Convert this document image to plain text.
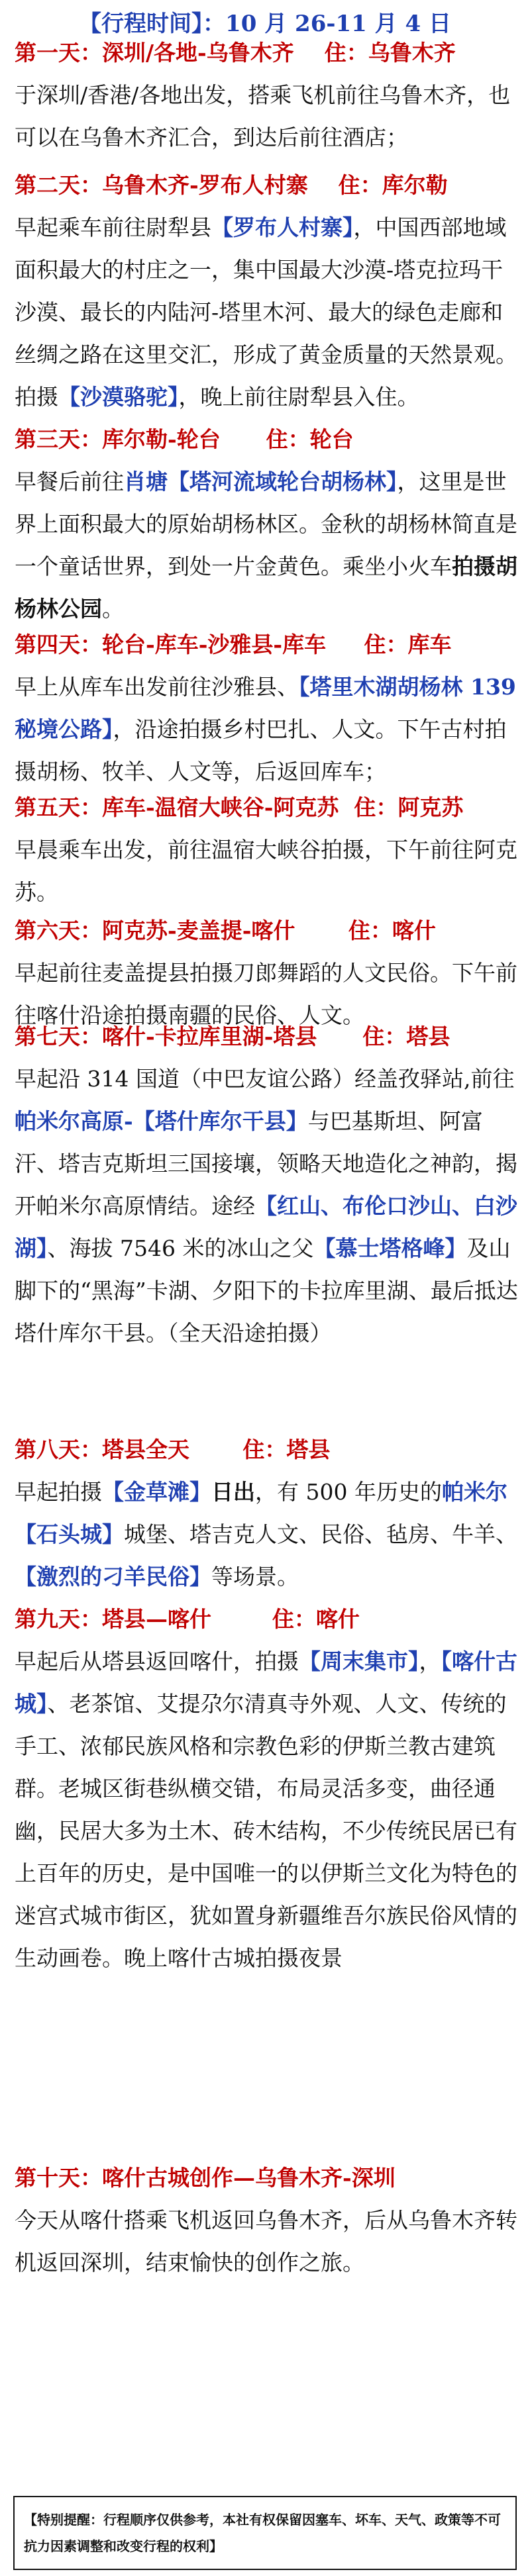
【行程时间】：10 月 26-11 月 4 日
第一天：深圳/各地-乌鲁木齐    住：乌鲁木齐

于深圳/香港/各地出发，搭乘飞机前往乌鲁木齐，也可以在乌鲁木齐汇合，到达后前往酒店；

第二天：乌鲁木齐-罗布人村寨    住：库尔勒

早起乘车前往尉犁县【罗布人村寨】，中国西部地域面积最大的村庄之一，集中国最大沙漠-塔克拉玛干沙漠、最长的内陆河-塔里木河、最大的绿色走廊和丝绸之路在这里交汇，形成了黄金质量的天然景观。拍摄【沙漠骆驼】，晚上前往尉犁县入住。

第三天：库尔勒-轮台      住：轮台

早餐后前往肖塘【塔河流域轮台胡杨林】，这里是世界上面积最大的原始胡杨林区。金秋的胡杨林简直是一个童话世界，到处一片金黄色。乘坐小火车拍摄胡杨林公园。

第四天：轮台-库车-沙雅县-库车     住：库车

早上从库车出发前往沙雅县、【塔里木湖胡杨林 139 秘境公路】，沿途拍摄乡村巴扎、人文。下午古村拍摄胡杨、牧羊、人文等，后返回库车；

第五天：库车-温宿大峡谷-阿克苏  住：阿克苏

早晨乘车出发，前往温宿大峡谷拍摄，下午前往阿克苏。

第六天：阿克苏-麦盖提-喀什       住：喀什

早起前往麦盖提县拍摄刀郎舞蹈的人文民俗。下午前往喀什沿途拍摄南疆的民俗、人文。

第七天：喀什-卡拉库里湖-塔县      住：塔县

早起沿 314 国道（中巴友谊公路）经盖孜驿站,前往帕米尔高原-【塔什库尔干县】与巴基斯坦、阿富汗、塔吉克斯坦三国接壤，领略天地造化之神韵，揭开帕米尔高原情结。途经【红山、布伦口沙山、白沙湖】、海拔 7546 米的冰山之父【慕士塔格峰】及山脚下的“黑海”卡湖、夕阳下的卡拉库里湖、最后抵达塔什库尔干县。（全天沿途拍摄）

第八天：塔县全天       住：塔县

早起拍摄【金草滩】日出，有 500 年历史的帕米尔【石头城】城堡、塔吉克人文、民俗、毡房、牛羊、【激烈的刁羊民俗】等场景。

第九天：塔县—喀什        住：喀什

早起后从塔县返回喀什，拍摄【周末集市】，【喀什古城】、老茶馆、艾提尕尔清真寺外观、人文、传统的手工、浓郁民族风格和宗教色彩的伊斯兰教古建筑群。老城区街巷纵横交错，布局灵活多变，曲径通幽，民居大多为土木、砖木结构，不少传统民居已有上百年的历史，是中国唯一的以伊斯兰文化为特色的 迷宫式城市街区，犹如置身新疆维吾尔族民俗风情的生动画卷。晚上喀什古城拍摄夜景

第十天：喀什古城创作—乌鲁木齐-深圳

今天从喀什搭乘飞机返回乌鲁木齐，后从乌鲁木齐转机返回深圳，结束愉快的创作之旅。

【特别提醒：行程顺序仅供参考，本社有权保留因塞车、坏车、天气、政策等不可抗力因素调整和改变行程的权利】
